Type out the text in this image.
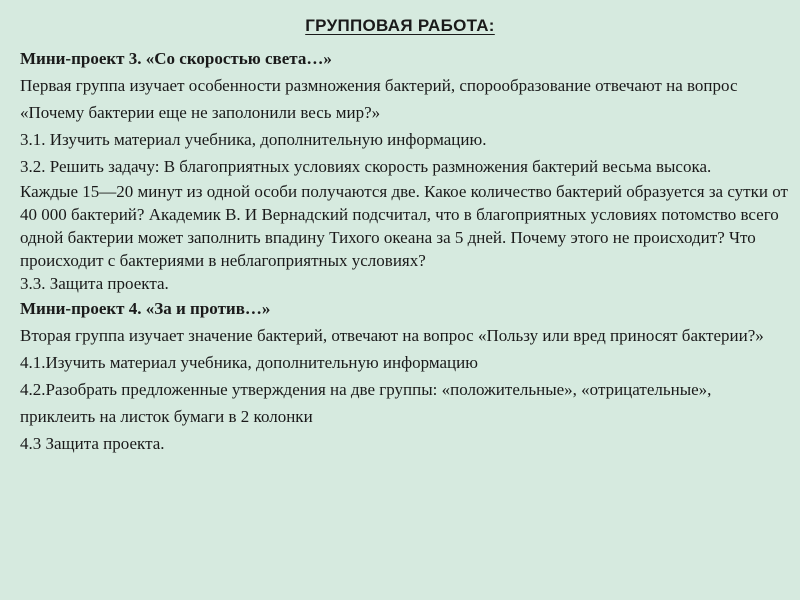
ГРУППОВАЯ РАБОТА:

Мини-проект 3. «Со скоростью света…»

Первая группа изучает особенности размножения бактерий, спорообразование отвечают на вопрос «Почему бактерии еще не заполонили весь мир?»

3.1. Изучить материал учебника, дополнительную информацию.

3.2. Решить задачу: В благоприятных условиях скорость размножения бактерий весьма высока.

Каждые 15—20 минут из одной особи получаются две. Какое количество бактерий образуется за сутки от 40 000 бактерий? Академик В. И Вернадский подсчитал, что в благоприятных условиях потомство всего одной бактерии может заполнить впадину Тихого океана за 5 дней. Почему этого не происходит? Что происходит с бактериями в неблагоприятных условиях?

3.3. Защита проекта.

Мини-проект 4. «За и против…»

Вторая группа изучает значение бактерий, отвечают на вопрос «Пользу или вред приносят бактерии?»

4.1.Изучить материал учебника, дополнительную информацию

4.2.Разобрать предложенные утверждения на две группы: «положительные», «отрицательные», приклеить на листок бумаги в 2 колонки

4.3 Защита проекта.
